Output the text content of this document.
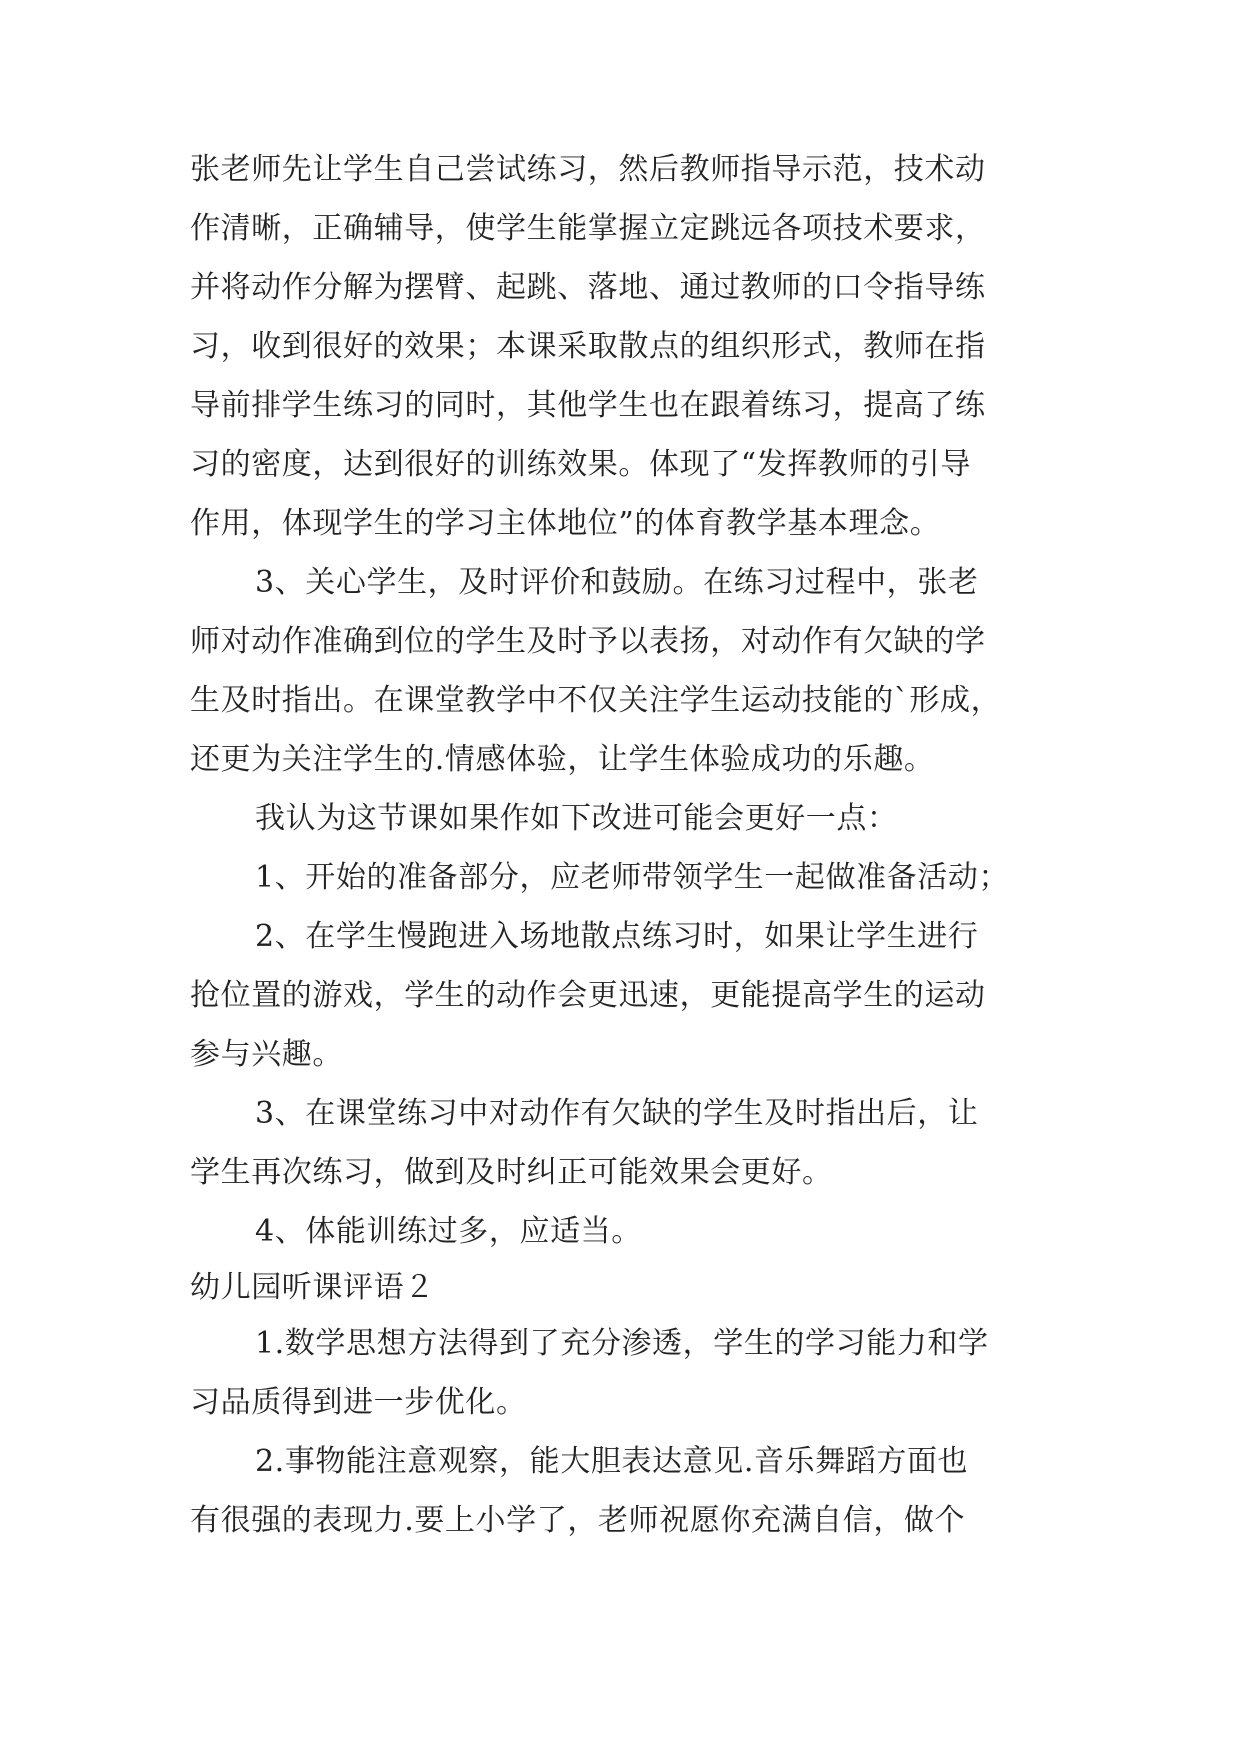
张老师先让学生自己尝试练习，然后教师指导示范，技术动
作清晰，正确辅导，使学生能掌握立定跳远各项技术要求，
并将动作分解为摆臂、起跳、落地、通过教师的口令指导练
习，收到很好的效果；本课采取散点的组织形式，教师在指
导前排学生练习的同时，其他学生也在跟着练习，提高了练
习的密度，达到很好的训练效果。体现了“发挥教师的引导
作用，体现学生的学习主体地位”的体育教学基本理念。
3、关心学生，及时评价和鼓励。在练习过程中，张老
师对动作准确到位的学生及时予以表扬，对动作有欠缺的学
生及时指出。在课堂教学中不仅关注学生运动技能的`形成，
还更为关注学生的.情感体验，让学生体验成功的乐趣。
我认为这节课如果作如下改进可能会更好一点：
1、开始的准备部分，应老师带领学生一起做准备活动；
2、在学生慢跑进入场地散点练习时，如果让学生进行
抢位置的游戏，学生的动作会更迅速，更能提高学生的运动
参与兴趣。
3、在课堂练习中对动作有欠缺的学生及时指出后，让
学生再次练习，做到及时纠正可能效果会更好。
4、体能训练过多，应适当。
幼儿园听课评语２
1.数学思想方法得到了充分渗透，学生的学习能力和学
习品质得到进一步优化。
2.事物能注意观察，能大胆表达意见.音乐舞蹈方面也
有很强的表现力.要上小学了，老师祝愿你充满自信，做个
